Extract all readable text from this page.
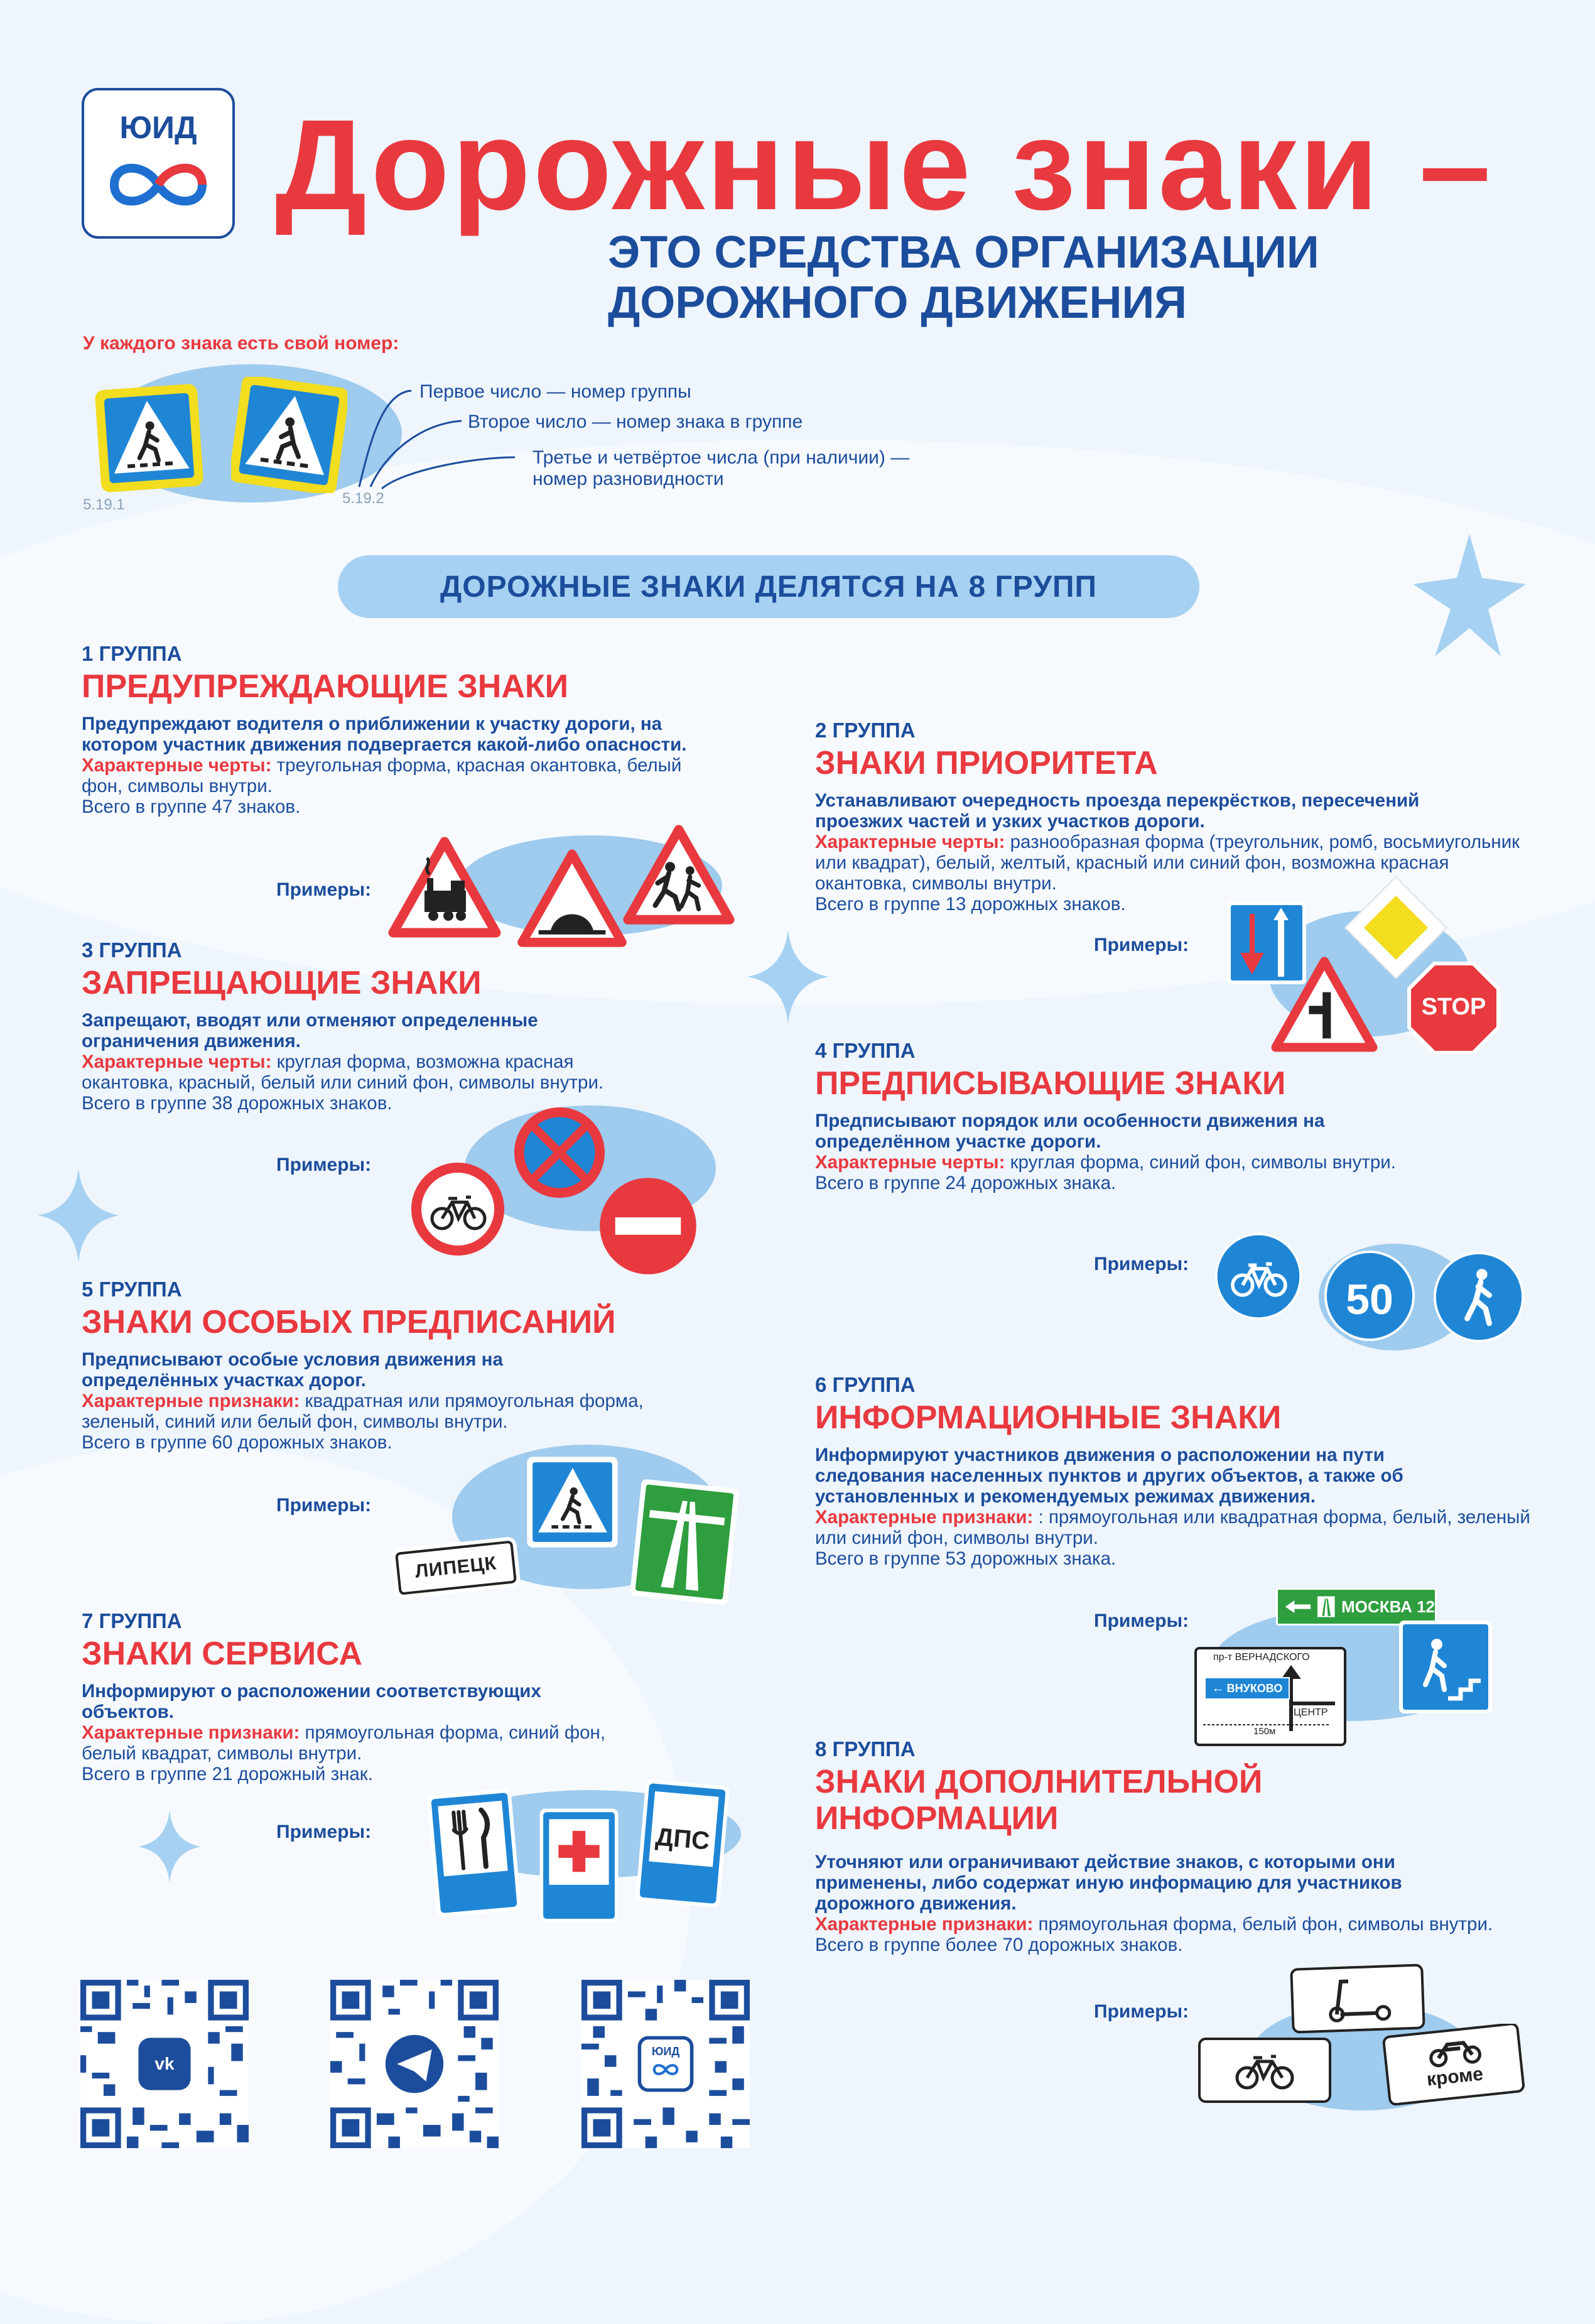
ЮИД Дорожные знаки –
ЭТО СРЕДСТВА ОРГАНИЗАЦИИ
ДОРОЖНОГО ДВИЖЕНИЯ
У каждого знака есть свой номер:
5.19.1	5.19.2
Первое число — номер группы
Второе число — номер знака в группе
Третье и четвёртое числа (при наличии) —
номер разновидности
ДОРОЖНЫЕ ЗНАКИ ДЕЛЯТСЯ НА 8 ГРУПП
1 ГРУППА
ПРЕДУПРЕЖДАЮЩИЕ ЗНАКИ
Предупреждают водителя о приближении к участку дороги, на котором участник движения подвергается какой-либо опасности.
Характерные черты: треугольная форма, красная окантовка, белый фон, символы внутри.
Всего в группе 47 знаков.
Примеры:
3 ГРУППА
ЗАПРЕЩАЮЩИЕ ЗНАКИ
Запрещают, вводят или отменяют определенные ограничения движения.
Характерные черты: круглая форма, возможна красная окантовка, красный, белый или синий фон, символы внутри.
Всего в группе 38 дорожных знаков.
Примеры:
5 ГРУППА
ЗНАКИ ОСОБЫХ ПРЕДПИСАНИЙ
Предписывают особые условия движения на определённых участках дорог.
Характерные признаки: квадратная или прямоугольная форма, зеленый, синий или белый фон, символы внутри.
Всего в группе 60 дорожных знаков.
Примеры:
ЛИПЕЦК
7 ГРУППА
ЗНАКИ СЕРВИСА
Информируют о расположении соответствующих объектов.
Характерные признаки: прямоугольная форма, синий фон, белый квадрат, символы внутри.
Всего в группе 21 дорожный знак.
Примеры:	ДПС
2 ГРУППА
ЗНАКИ ПРИОРИТЕТА
Устанавливают очередность проезда перекрёстков, пересечений проезжих частей и узких участков дороги.
Характерные черты: разнообразная форма (треугольник, ромб, восьмиугольник или квадрат), белый, желтый, красный или синий фон, возможна красная окантовка, символы внутри.
Всего в группе 13 дорожных знаков.
Примеры:
STOP
4 ГРУППА
ПРЕДПИСЫВАЮЩИЕ ЗНАКИ
Предписывают порядок или особенности движения на определённом участке дороги.
Характерные черты: круглая форма, синий фон, символы внутри.
Всего в группе 24 дорожных знака.
Примеры:
50
6 ГРУППА
ИНФОРМАЦИОННЫЕ ЗНАКИ
Информируют участников движения о расположении на пути следования населенных пунктов и других объектов, а также об установленных и рекомендуемых режимах движения.
Характерные признаки: : прямоугольная или квадратная форма, белый, зеленый или синий фон, символы внутри.
Всего в группе 53 дорожных знака.
Примеры:
МОСКВА 12
пр-т ВЕРНАДСКОГО
← ВНУКОВО
ЦЕНТР
150м
8 ГРУППА
ЗНАКИ ДОПОЛНИТЕЛЬНОЙ
ИНФОРМАЦИИ
Уточняют или ограничивают действие знаков, с которыми они применены, либо содержат иную информацию для участников дорожного движения.
Характерные признаки: прямоугольная форма, белый фон, символы внутри.
Всего в группе более 70 дорожных знаков.
Примеры:
кроме
vk
ЮИД
